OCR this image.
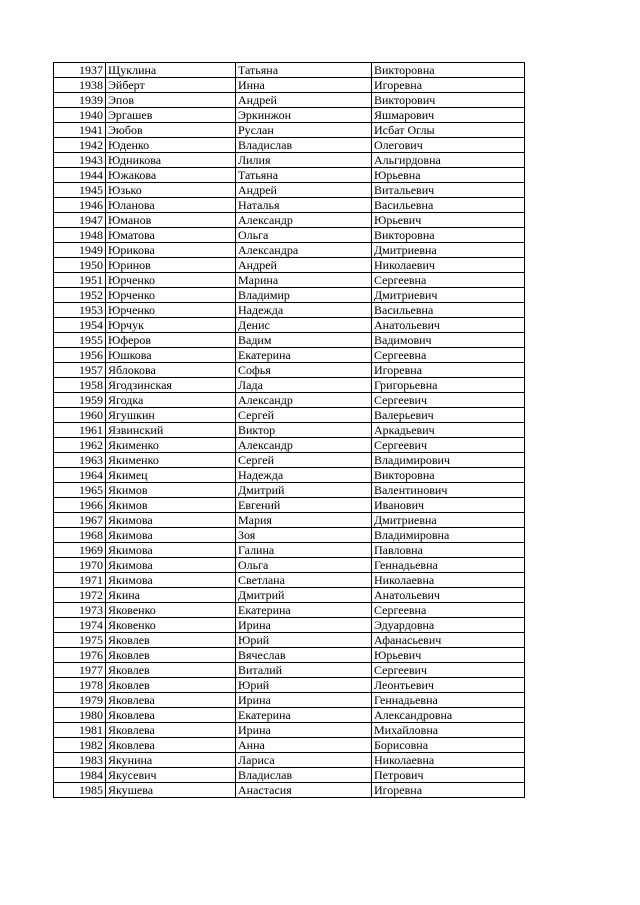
1937	Щуклина	Татьяна	Викторовна
1938	Эйберт	Инна	Игоревна
1939	Эпов	Андрей	Викторович
1940	Эргашев	Эркинжон	Яшмарович
1941	Эюбов	Руслан	Исбат Оглы
1942	Юденко	Владислав	Олегович
1943	Юдникова	Лилия	Альгирдовна
1944	Южакова	Татьяна	Юрьевна
1945	Юзько	Андрей	Витальевич
1946	Юланова	Наталья	Васильевна
1947	Юманов	Александр	Юрьевич
1948	Юматова	Ольга	Викторовна
1949	Юрикова	Александра	Дмитриевна
1950	Юринов	Андрей	Николаевич
1951	Юрченко	Марина	Сергеевна
1952	Юрченко	Владимир	Дмитриевич
1953	Юрченко	Надежда	Васильевна
1954	Юрчук	Денис	Анатольевич
1955	Юферов	Вадим	Вадимович
1956	Юшкова	Екатерина	Сергеевна
1957	Яблокова	Софья	Игоревна
1958	Ягодзинская	Лада	Григорьевна
1959	Ягодка	Александр	Сергеевич
1960	Ягушкин	Сергей	Валерьевич
1961	Язвинский	Виктор	Аркадьевич
1962	Якименко	Александр	Сергеевич
1963	Якименко	Сергей	Владимирович
1964	Якимец	Надежда	Викторовна
1965	Якимов	Дмитрий	Валентинович
1966	Якимов	Евгений	Иванович
1967	Якимова	Мария	Дмитриевна
1968	Якимова	Зоя	Владимировна
1969	Якимова	Галина	Павловна
1970	Якимова	Ольга	Геннадьевна
1971	Якимова	Светлана	Николаевна
1972	Якина	Дмитрий	Анатольевич
1973	Яковенко	Екатерина	Сергеевна
1974	Яковенко	Ирина	Эдуардовна
1975	Яковлев	Юрий	Афанасьевич
1976	Яковлев	Вячеслав	Юрьевич
1977	Яковлев	Виталий	Сергеевич
1978	Яковлев	Юрий	Леонтьевич
1979	Яковлева	Ирина	Геннадьевна
1980	Яковлева	Екатерина	Александровна
1981	Яковлева	Ирина	Михайловна
1982	Яковлева	Анна	Борисовна
1983	Якунина	Лариса	Николаевна
1984	Якусевич	Владислав	Петрович
1985	Якушева	Анастасия	Игоревна
